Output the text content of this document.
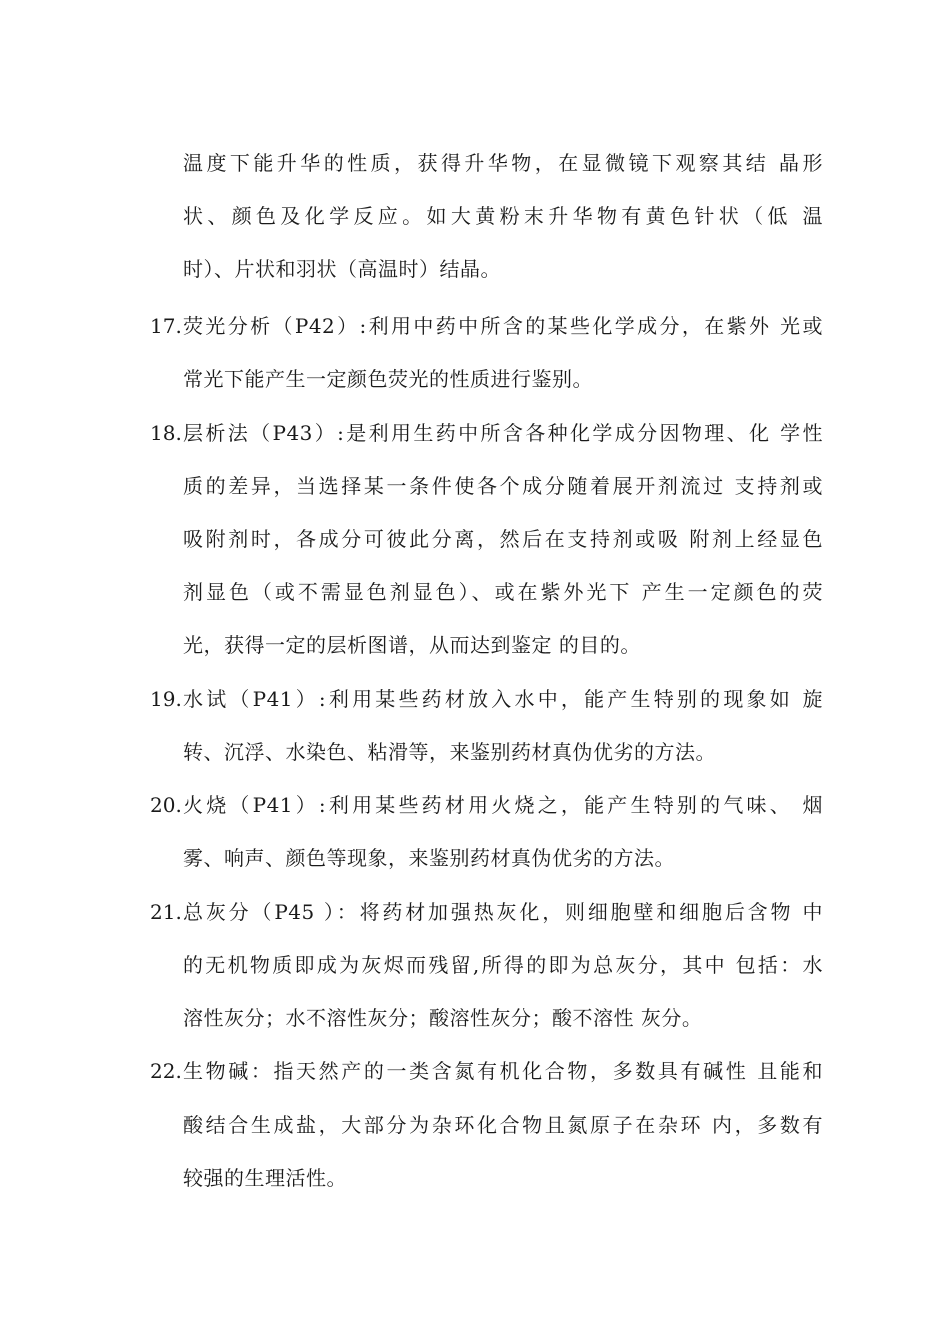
温度下能升华的性质，获得升华物，在显微镜下观察其结 晶形
状、颜色及化学反应。如大黄粉末升华物有黄色针状（低 温
时）、片状和羽状（高温时）结晶。
17. 荧光分析（P42）:利用中药中所含的某些化学成分，在紫外 光或
常光下能产生一定颜色荧光的性质进行鉴别。
18. 层析法（P43）:是利用生药中所含各种化学成分因物理、化 学性
质的差异，当选择某一条件使各个成分随着展开剂流过 支持剂或
吸附剂时，各成分可彼此分离，然后在支持剂或吸 附剂上经显色
剂显色（或不需显色剂显色）、或在紫外光下 产生一定颜色的荧
光，获得一定的层析图谱，从而达到鉴定 的目的。
19. 水试（P41）:利用某些药材放入水中，能产生特别的现象如 旋
转、沉浮、水染色、粘滑等，来鉴别药材真伪优劣的方法。
20. 火烧（P41）:利用某些药材用火烧之，能产生特别的气味、 烟
雾、响声、颜色等现象，来鉴别药材真伪优劣的方法。
21. 总灰分（P45 ）：将药材加强热灰化，则细胞壁和细胞后含物 中
的无机物质即成为灰烬而残留,所得的即为总灰分，其中 包括：水
溶性灰分；水不溶性灰分；酸溶性灰分；酸不溶性 灰分。
22. 生物碱：指天然产的一类含氮有机化合物，多数具有碱性 且能和
酸结合生成盐，大部分为杂环化合物且氮原子在杂环 内，多数有
较强的生理活性。
